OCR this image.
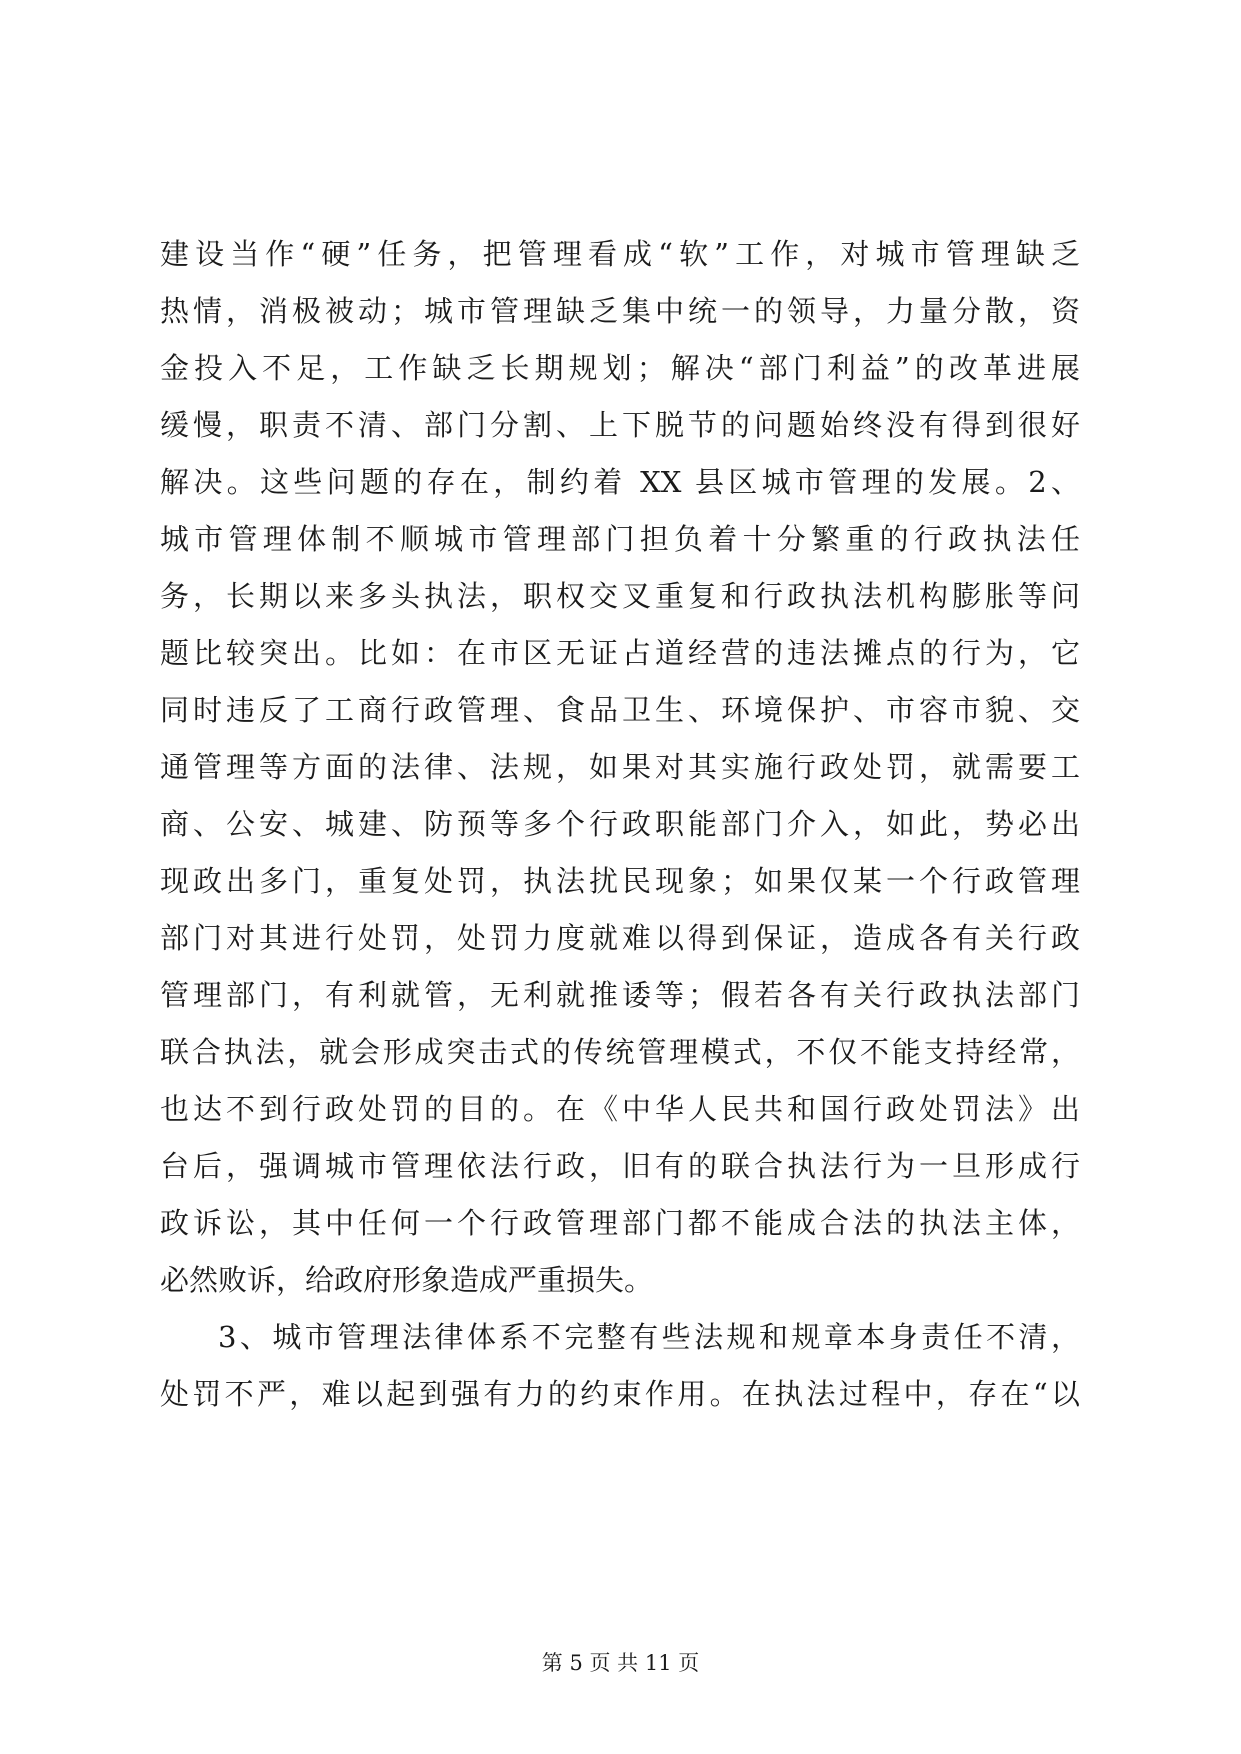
建设当作“硬”任务，把管理看成“软”工作，对城市管理缺乏
热情，消极被动；城市管理缺乏集中统一的领导，力量分散，资
金投入不足，工作缺乏长期规划；解决“部门利益”的改革进展
缓慢，职责不清、部门分割、上下脱节的问题始终没有得到很好
解决。这些问题的存在，制约着 XX 县区城市管理的发展。2、
城市管理体制不顺城市管理部门担负着十分繁重的行政执法任
务，长期以来多头执法，职权交叉重复和行政执法机构膨胀等问
题比较突出。比如：在市区无证占道经营的违法摊点的行为，它
同时违反了工商行政管理、食品卫生、环境保护、市容市貌、交
通管理等方面的法律、法规，如果对其实施行政处罚，就需要工
商、公安、城建、防预等多个行政职能部门介入，如此，势必出
现政出多门，重复处罚，执法扰民现象；如果仅某一个行政管理
部门对其进行处罚，处罚力度就难以得到保证，造成各有关行政
管理部门，有利就管，无利就推诿等；假若各有关行政执法部门
联合执法，就会形成突击式的传统管理模式，不仅不能支持经常，
也达不到行政处罚的目的。在《中华人民共和国行政处罚法》出
台后，强调城市管理依法行政，旧有的联合执法行为一旦形成行
政诉讼，其中任何一个行政管理部门都不能成合法的执法主体，
必然败诉，给政府形象造成严重损失。
3、城市管理法律体系不完整有些法规和规章本身责任不清，
处罚不严，难以起到强有力的约束作用。在执法过程中，存在“以
第 5 页 共 11 页
